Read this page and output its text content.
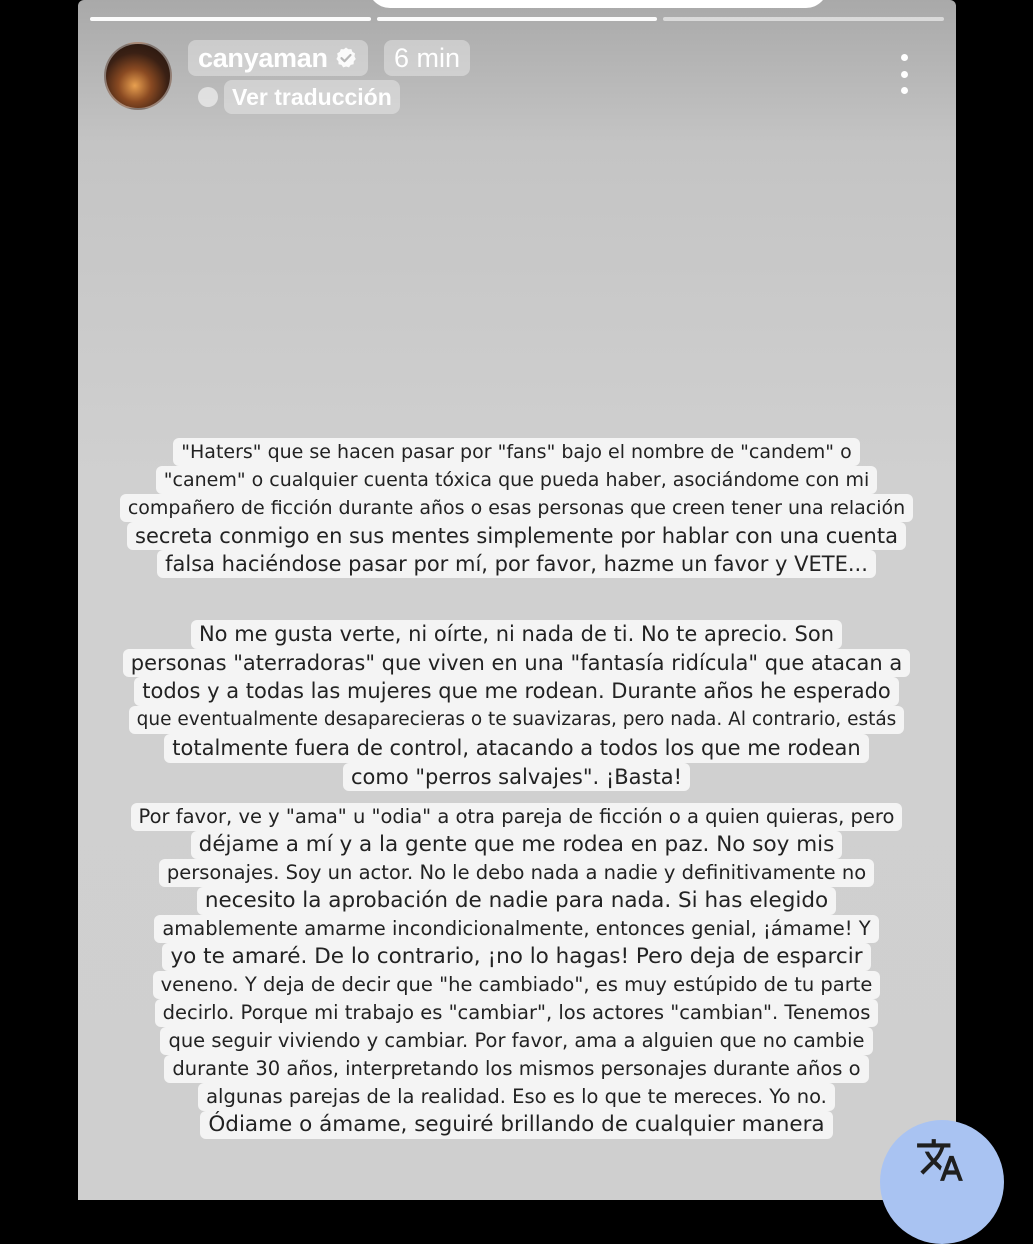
canyaman 6 min
Ver traducción
"Haters" que se hacen pasar por "fans" bajo el nombre de "candem" o
"canem" o cualquier cuenta tóxica que pueda haber, asociándome con mi
compañero de ficción durante años o esas personas que creen tener una relación
secreta conmigo en sus mentes simplemente por hablar con una cuenta
falsa haciéndose pasar por mí, por favor, hazme un favor y VETE...
No me gusta verte, ni oírte, ni nada de ti. No te aprecio. Son
personas "aterradoras" que viven en una "fantasía ridícula" que atacan a
todos y a todas las mujeres que me rodean. Durante años he esperado
que eventualmente desaparecieras o te suavizaras, pero nada. Al contrario, estás
totalmente fuera de control, atacando a todos los que me rodean
como "perros salvajes". ¡Basta!
Por favor, ve y "ama" u "odia" a otra pareja de ficción o a quien quieras, pero
déjame a mí y a la gente que me rodea en paz. No soy mis
personajes. Soy un actor. No le debo nada a nadie y definitivamente no
necesito la aprobación de nadie para nada. Si has elegido
amablemente amarme incondicionalmente, entonces genial, ¡ámame! Y
yo te amaré. De lo contrario, ¡no lo hagas! Pero deja de esparcir
veneno. Y deja de decir que "he cambiado", es muy estúpido de tu parte
decirlo. Porque mi trabajo es "cambiar", los actores "cambian". Tenemos
que seguir viviendo y cambiar. Por favor, ama a alguien que no cambie
durante 30 años, interpretando los mismos personajes durante años o
algunas parejas de la realidad. Eso es lo que te mereces. Yo no.
Ódiame o ámame, seguiré brillando de cualquier manera
